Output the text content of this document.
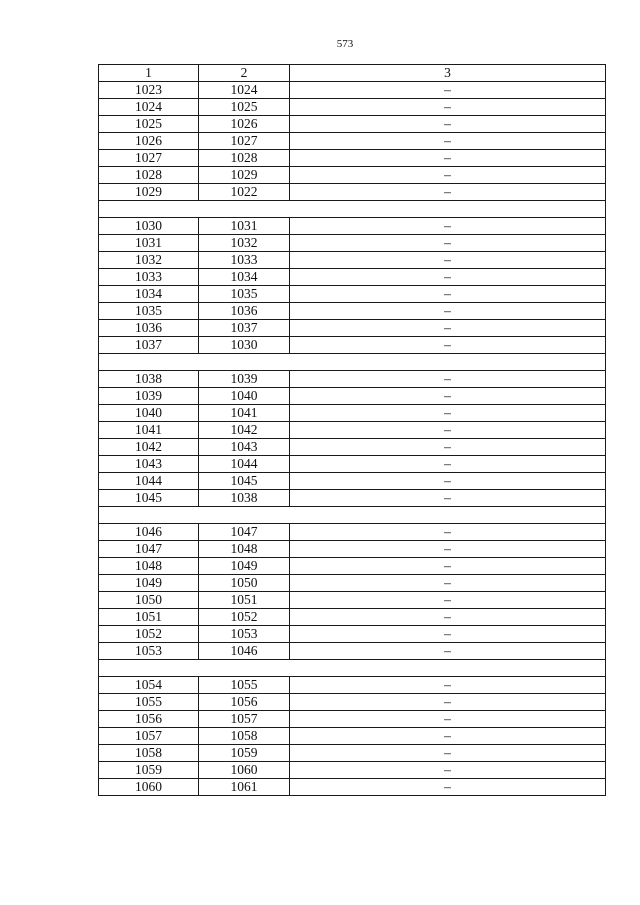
573
1	2	3
1023	1024	–
1024	1025	–
1025	1026	–
1026	1027	–
1027	1028	–
1028	1029	–
1029	1022	–

1030	1031	–
1031	1032	–
1032	1033	–
1033	1034	–
1034	1035	–
1035	1036	–
1036	1037	–
1037	1030	–

1038	1039	–
1039	1040	–
1040	1041	–
1041	1042	–
1042	1043	–
1043	1044	–
1044	1045	–
1045	1038	–

1046	1047	–
1047	1048	–
1048	1049	–
1049	1050	–
1050	1051	–
1051	1052	–
1052	1053	–
1053	1046	–

1054	1055	–
1055	1056	–
1056	1057	–
1057	1058	–
1058	1059	–
1059	1060	–
1060	1061	–
